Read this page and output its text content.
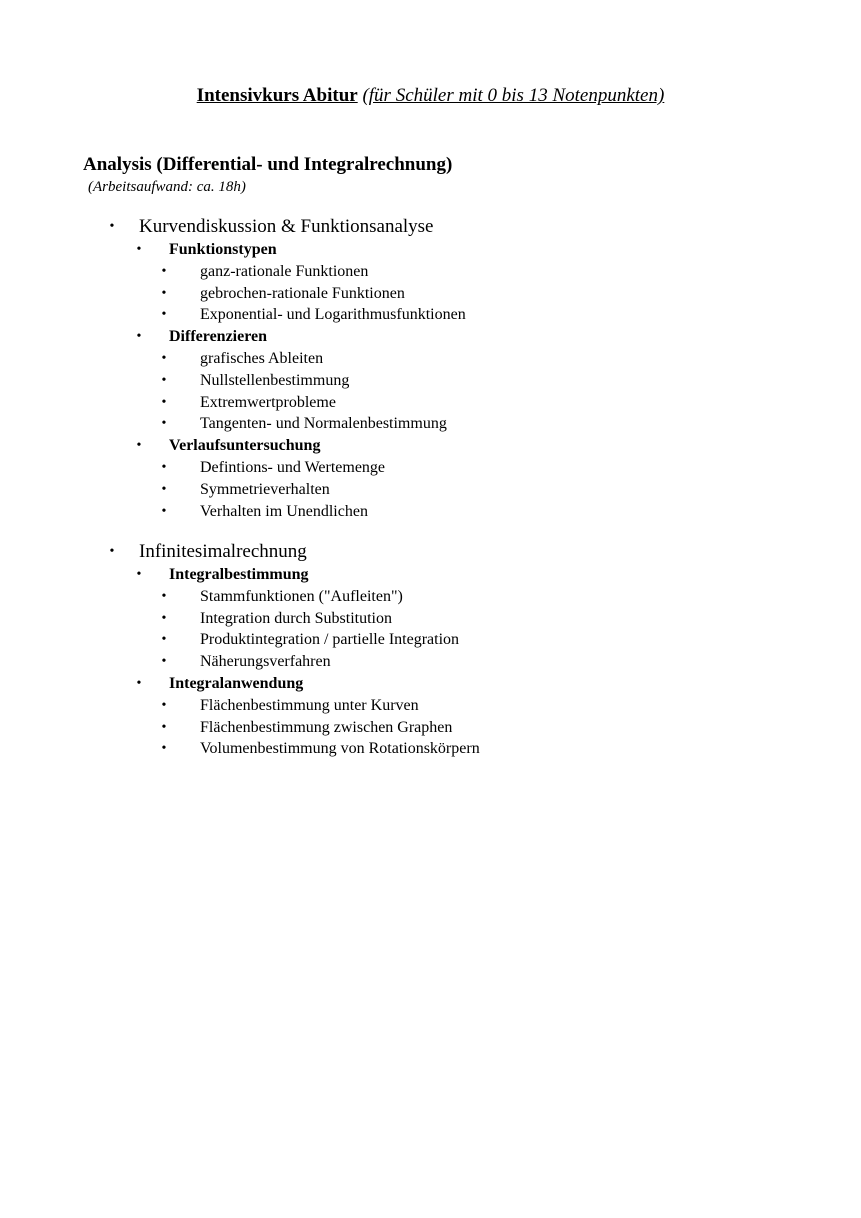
Intensivkurs Abitur (für Schüler mit 0 bis 13 Notenpunkten)
Analysis (Differential- und Integralrechnung)
(Arbeitsaufwand: ca. 18h)
• Kurvendiskussion & Funktionsanalyse
• Funktionstypen
• ganz-rationale Funktionen
• gebrochen-rationale Funktionen
• Exponential- und Logarithmusfunktionen
• Differenzieren
• grafisches Ableiten
• Nullstellenbestimmung
• Extremwertprobleme
• Tangenten- und Normalenbestimmung
• Verlaufsuntersuchung
• Defintions- und Wertemenge
• Symmetrieverhalten
• Verhalten im Unendlichen
• Infinitesimalrechnung
• Integralbestimmung
• Stammfunktionen ("Aufleiten")
• Integration durch Substitution
• Produktintegration / partielle Integration
• Näherungsverfahren
• Integralanwendung
• Flächenbestimmung unter Kurven
• Flächenbestimmung zwischen Graphen
• Volumenbestimmung von Rotationskörpern
